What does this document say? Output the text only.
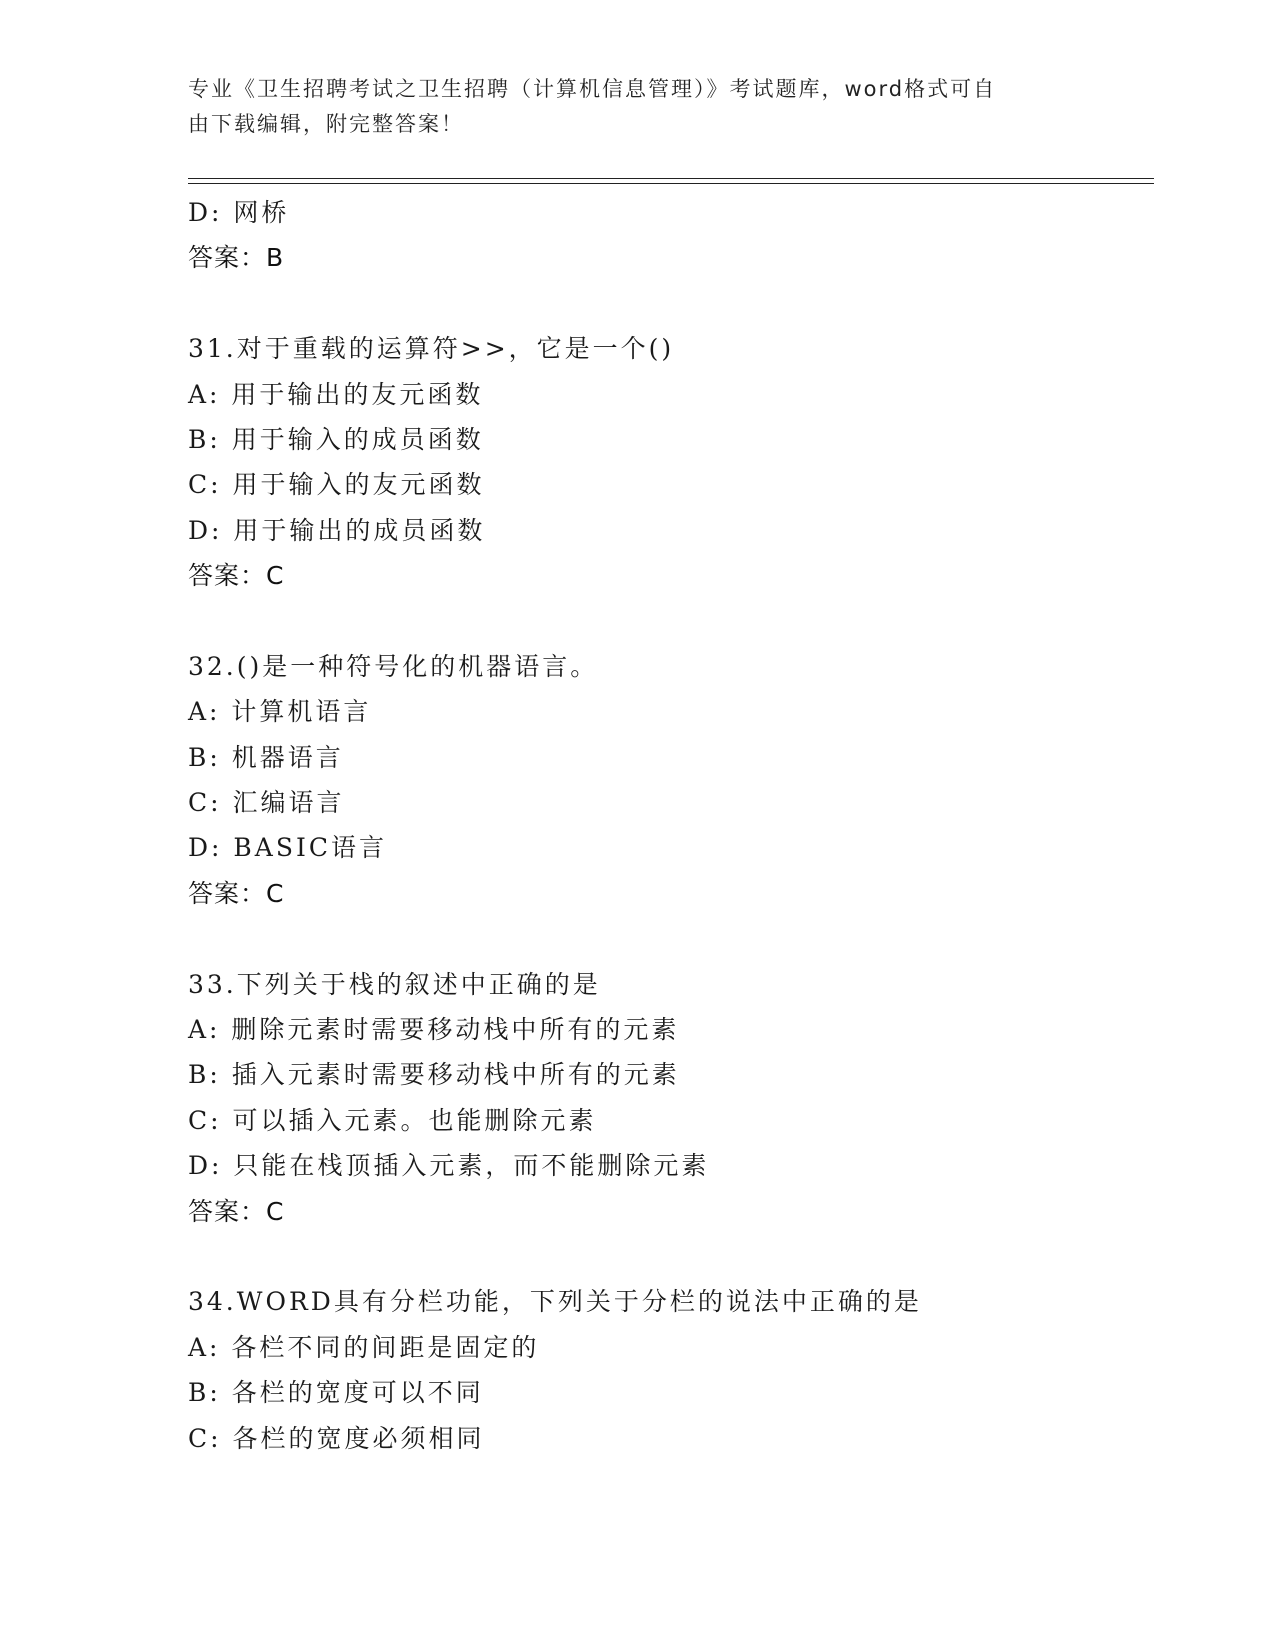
专业《卫生招聘考试之卫生招聘（计算机信息管理）》考试题库，word格式可自
由下载编辑，附完整答案！
D: 网桥
答案：B
31.对于重载的运算符>>，它是一个()
A: 用于输出的友元函数
B: 用于输入的成员函数
C: 用于输入的友元函数
D: 用于输出的成员函数
答案：C
32.()是一种符号化的机器语言。
A: 计算机语言
B: 机器语言
C: 汇编语言
D: BASIC语言
答案：C
33.下列关于栈的叙述中正确的是
A: 删除元素时需要移动栈中所有的元素
B: 插入元素时需要移动栈中所有的元素
C: 可以插入元素。也能删除元素
D: 只能在栈顶插入元素，而不能删除元素
答案：C
34.WORD具有分栏功能，下列关于分栏的说法中正确的是
A: 各栏不同的间距是固定的
B: 各栏的宽度可以不同
C: 各栏的宽度必须相同
